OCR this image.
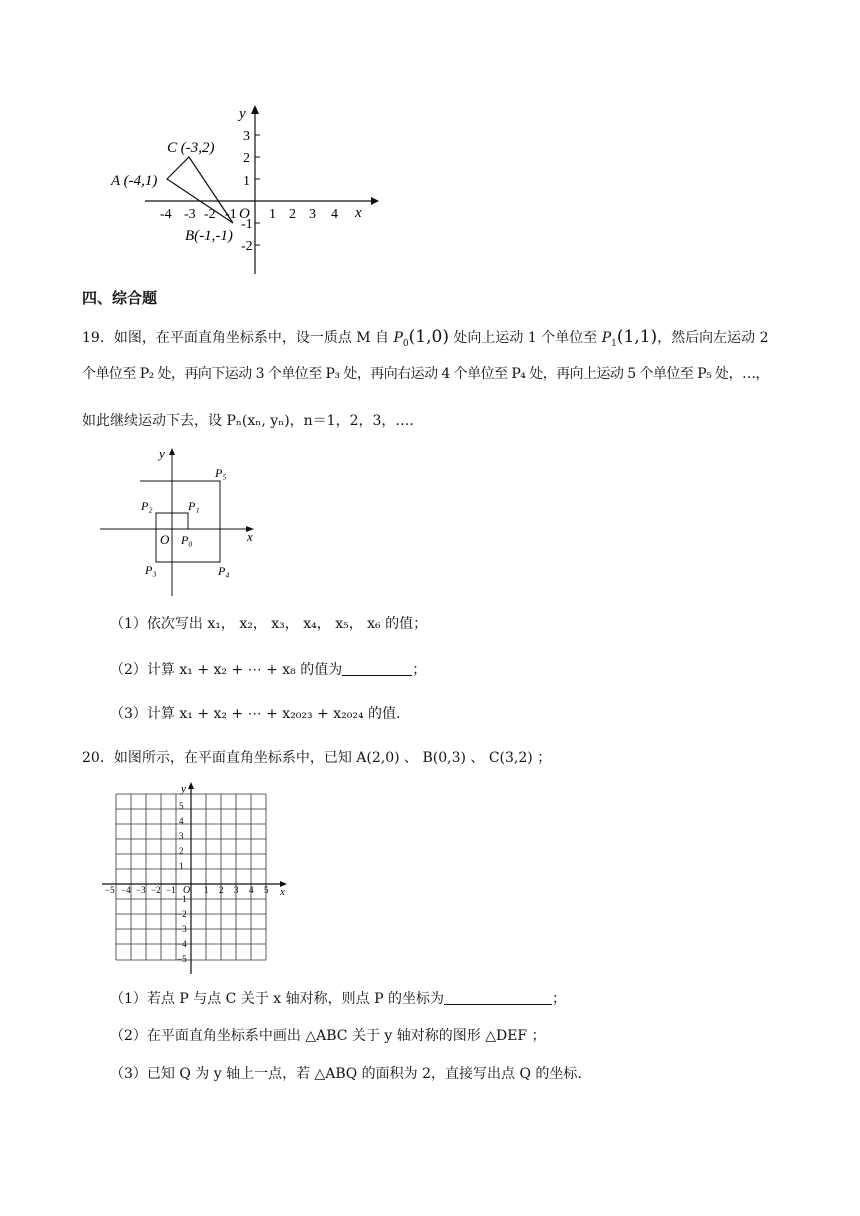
y
x
O
-4 -3 -2 -1 1 2 3 4
3
2
1
-1
-2
A (-4,1)
C (-3,2)
B(-1,-1)
四、综合题
19．如图，在平面直角坐标系中，设一质点 M 自 $P_0(1,0)$ 处向上运动 1 个单位至 $P_1(1,1)$，然后向左运动 2
个单位至 P₂ 处，再向下运动 3 个单位至 P₃ 处，再向右运动 4 个单位至 P₄ 处，再向上运动 5 个单位至 P₅ 处，…，
如此继续运动下去，设 Pₙ(xₙ, yₙ)，n＝1，2，3，….
y
x
O P₀
P₁
P₂
P₃	P₄
P₅
（1）依次写出 x₁， x₂， x₃， x₄， x₅， x₆ 的值；
（2）计算 x₁ + x₂ + ⋯ + x₈ 的值为	；
（3）计算 x₁ + x₂ + ⋯ + x₂₀₂₃ + x₂₀₂₄ 的值.
20．如图所示，在平面直角坐标系中，已知 A(2,0) 、 B(0,3) 、 C(3,2) ；
y
x
O
−5 −4 −3 −2 −1	1 2 3 4 5
5
4
3
2
1
−1
−2
−3
−4
−5
（1）若点 P 与点 C 关于 x 轴对称，则点 P 的坐标为	；
（2）在平面直角坐标系中画出 △ABC 关于 y 轴对称的图形 △DEF ；
（3）已知 Q 为 y 轴上一点，若 △ABQ 的面积为 2，直接写出点 Q 的坐标.
